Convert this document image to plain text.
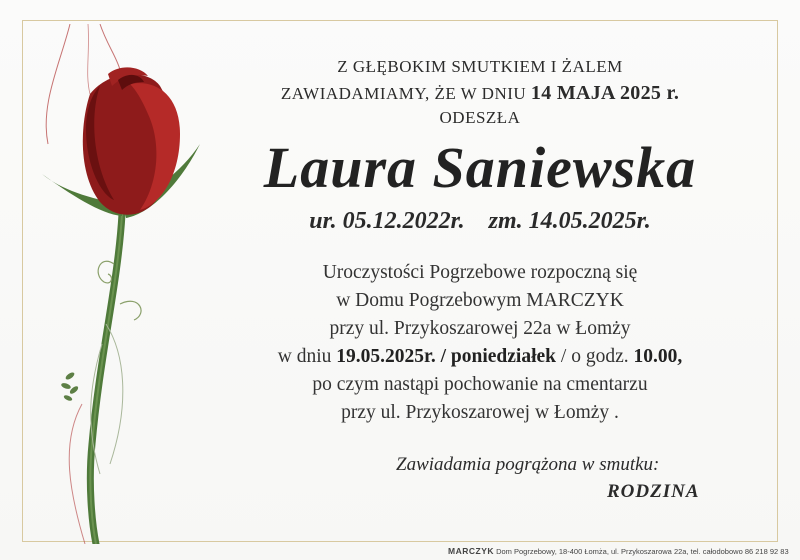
Z GŁĘBOKIM SMUTKIEM I ŻALEM
ZAWIADAMIAMY, ŻE W DNIU 14 MAJA 2025 r.
ODESZŁA
Laura Saniewska
ur. 05.12.2022r. zm. 14.05.2025r.
Uroczystości Pogrzebowe rozpoczną się
w Domu Pogrzebowym MARCZYK
przy ul. Przykoszarowej 22a w Łomży
w dniu 19.05.2025r. / poniedziałek / o godz. 10.00,
po czym nastąpi pochowanie na cmentarzu
przy ul. Przykoszarowej w Łomży .
Zawiadamia pogrążona w smutku:
RODZINA
MARCZYK Dom Pogrzebowy, 18-400 Łomża, ul. Przykoszarowa 22a, tel. całodobowo 86 218 92 83
